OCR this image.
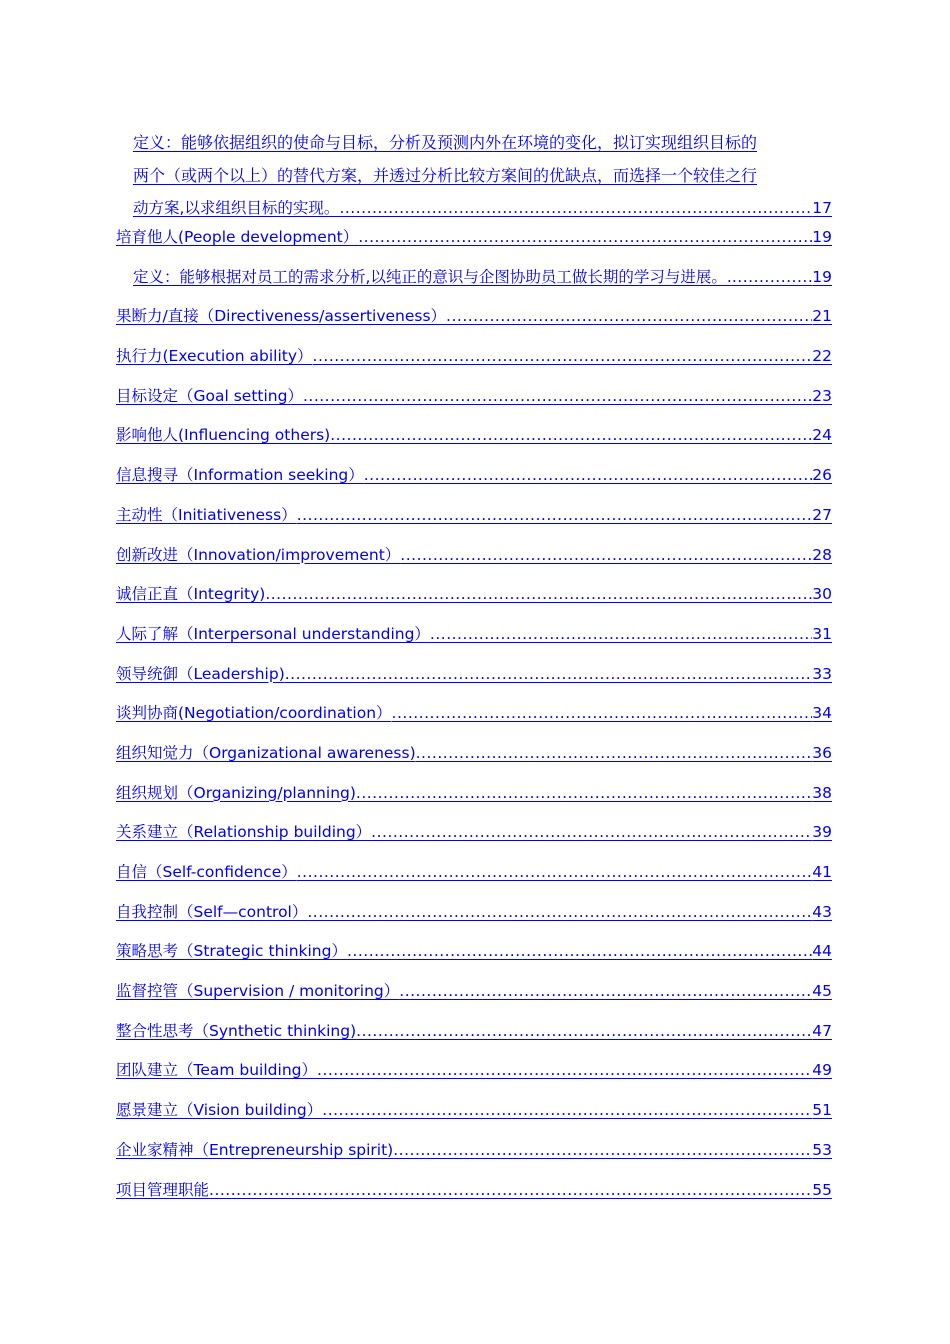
定义：能够依据组织的使命与目标，分析及预测内外在环境的变化，拟订实现组织目标的
两个（或两个以上）的替代方案，并透过分析比较方案间的优缺点，而选择一个较佳之行
动方案,以求组织目标的实现。 .....	17
培育他人(People development） .....	19
定义：能够根据对员工的需求分析,以纯正的意识与企图协助员工做长期的学习与进展。. .....	19
果断力/直接（Directiveness/assertiveness） .....	21
执行力(Execution ability） .....	22
目标设定（Goal setting） .....	23
影响他人(Influencing others) .....	24
信息搜寻（Information seeking） .....	26
主动性（Initiativeness） .....	27
创新改进（Innovation/improvement） .....	28
诚信正直（Integrity) .....	30
人际了解（Interpersonal understanding） .....	31
领导统御（Leadership) .....	33
谈判协商(Negotiation/coordination） .....	34
组织知觉力（Organizational awareness) .....	36
组织规划（Organizing/planning) .....	38
关系建立（Relationship building） .....	39
自信（Self-confidence） .....	41
自我控制（Self—control） .....	43
策略思考（Strategic thinking） .....	44
监督控管（Supervision / monitoring） .....	45
整合性思考（Synthetic thinking) .....	47
团队建立（Team building） .....	49
愿景建立（Vision building） .....	51
企业家精神（Entrepreneurship spirit) .....	53
项目管理职能 .....	55
